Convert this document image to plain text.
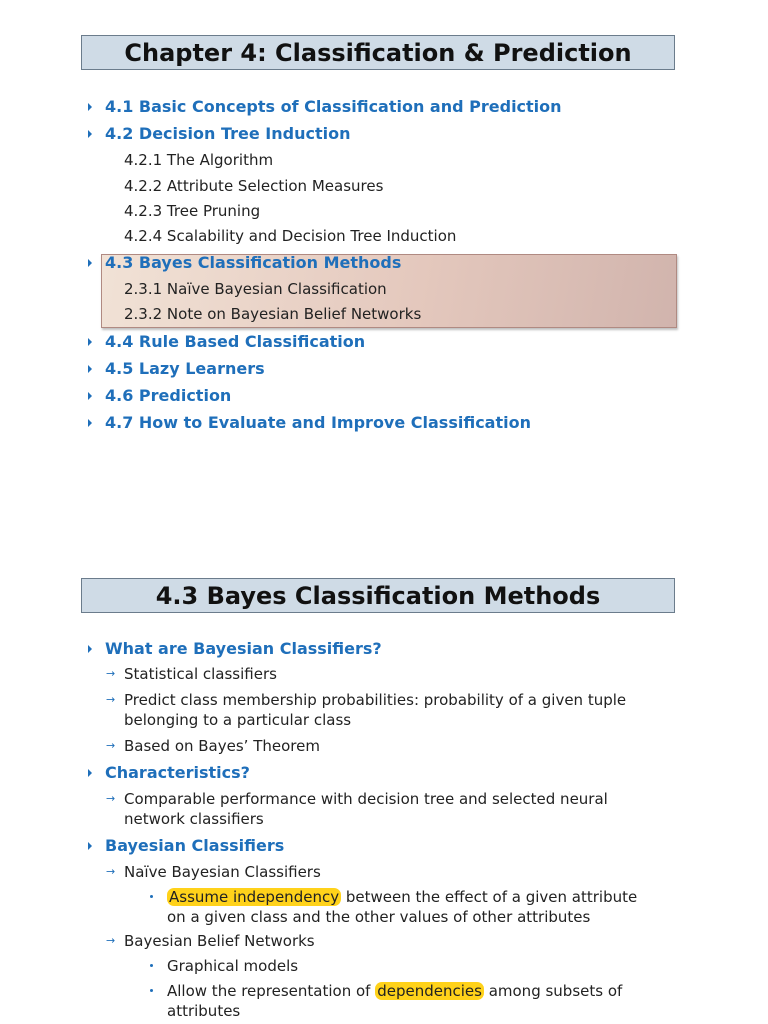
Chapter 4: Classification & Prediction
4.1 Basic Concepts of Classification and Prediction
4.2 Decision Tree Induction
4.2.1 The Algorithm
4.2.2 Attribute Selection Measures
4.2.3 Tree Pruning
4.2.4 Scalability and Decision Tree Induction
4.3 Bayes Classification Methods
2.3.1 Naïve Bayesian Classification
2.3.2 Note on Bayesian Belief Networks
4.4 Rule Based Classification
4.5 Lazy Learners
4.6 Prediction
4.7 How to Evaluate and Improve Classification
4.3 Bayes Classification Methods
What are Bayesian Classifiers?
→ Statistical classifiers
→ Predict class membership probabilities: probability of a given tuple
belonging to a particular class
→ Based on Bayes’ Theorem
Characteristics?
→ Comparable performance with decision tree and selected neural
network classifiers
Bayesian Classifiers
→ Naïve Bayesian Classifiers
Assume independency between the effect of a given attribute
on a given class and the other values of other attributes
→ Bayesian Belief Networks
Graphical models
Allow the representation of dependencies among subsets of
attributes
